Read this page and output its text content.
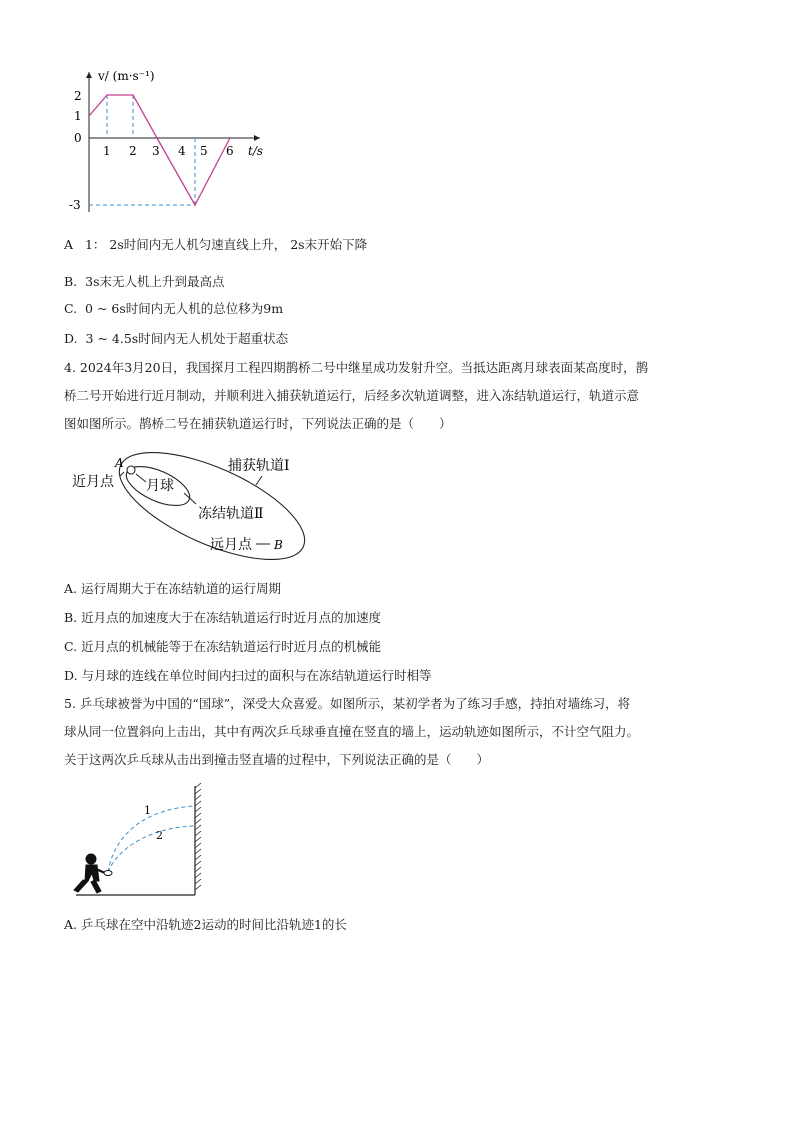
v/ (m·s⁻¹)
t/s
2
1
0
-3
1 2 3 4 5 6
A 1： 2s时间内无人机匀速直线上升， 2s末开始下降
B. 3s末无人机上升到最高点
C. 0 ~ 6s时间内无人机的总位移为9m
D. 3 ~ 4.5s时间内无人机处于超重状态
4. 2024年3月20日，我国探月工程四期鹊桥二号中继星成功发射升空。当抵达距离月球表面某高度时，鹊
桥二号开始进行近月制动，并顺利进入捕获轨道运行，后经多次轨道调整，进入冻结轨道运行，轨道示意
图如图所示。鹊桥二号在捕获轨道运行时，下列说法正确的是（　　）
A
近月点 月球
捕获轨道Ⅰ
冻结轨道Ⅱ
远月点 B
A. 运行周期大于在冻结轨道的运行周期
B. 近月点的加速度大于在冻结轨道运行时近月点的加速度
C. 近月点的机械能等于在冻结轨道运行时近月点的机械能
D. 与月球的连线在单位时间内扫过的面积与在冻结轨道运行时相等
5. 乒乓球被誉为中国的“国球”，深受大众喜爱。如图所示，某初学者为了练习手感，持拍对墙练习，将
球从同一位置斜向上击出，其中有两次乒乓球垂直撞在竖直的墙上，运动轨迹如图所示，不计空气阻力。
关于这两次乒乓球从击出到撞击竖直墙的过程中，下列说法正确的是（　　）
1
2
A. 乒乓球在空中沿轨迹2运动的时间比沿轨迹1的长
